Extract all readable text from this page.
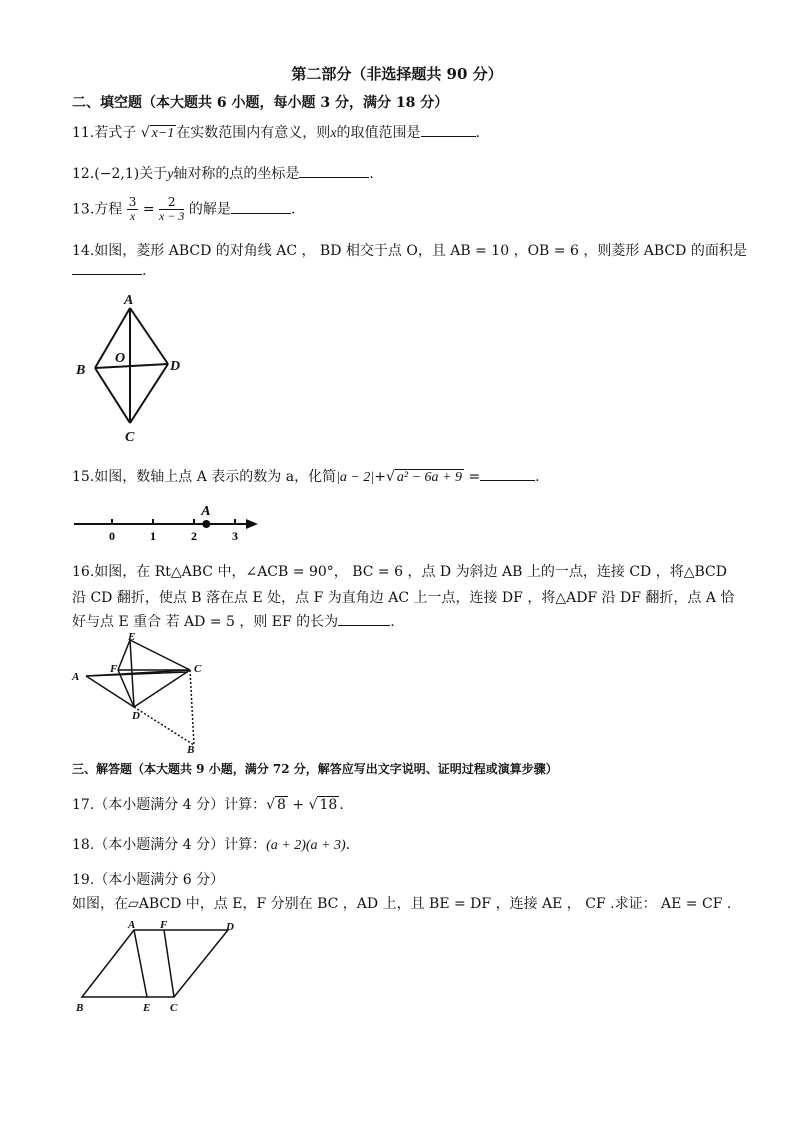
第二部分（非选择题共 90 分）
二、填空题（本大题共 6 小题，每小题 3 分，满分 18 分）
11.若式子 √ x−1 在实数范围内有意义，则x的取值范围是	.
12.(−2,1)关于y轴对称的点的坐标是	.
13.方程 $\frac{3}{x} = \frac{2}{x - 3}$ 的解是	.
14.如图，菱形 ABCD 的对角线 AC ， BD 相交于点 O，且 AB = 10 ，OB = 6 ，则菱形 ABCD 的面积是
.
A
B
C
D
O
15.如图，数轴上点 A 表示的数为 a，化简|a − 2|+√ a² − 6a + 9 =	.
A
0	1	2	3
16.如图，在 Rt△ABC 中，∠ACB = 90°， BC = 6 ，点 D 为斜边 AB 上的一点，连接 CD ，将△BCD
沿 CD 翻折，使点 B 落在点 E 处，点 F 为直角边 AC 上一点，连接 DF ，将△ADF 沿 DF 翻折，点 A 恰
好与点 E 重合 若 AD = 5 ，则 EF 的长为	.
A
B
C
D
E
F
三、解答题（本大题共 9 小题，满分 72 分，解答应写出文字说明、证明过程或演算步骤）
17.（本小题满分 4 分）计算：√ 8 + √ 18 .
18.（本小题满分 4 分）计算：(a + 2)(a + 3).
19.（本小题满分 6 分）
如图，在▱ABCD 中，点 E，F 分别在 BC ，AD 上，且 BE = DF ，连接 AE ， CF .求证： AE = CF .
A F	D
B	E C
